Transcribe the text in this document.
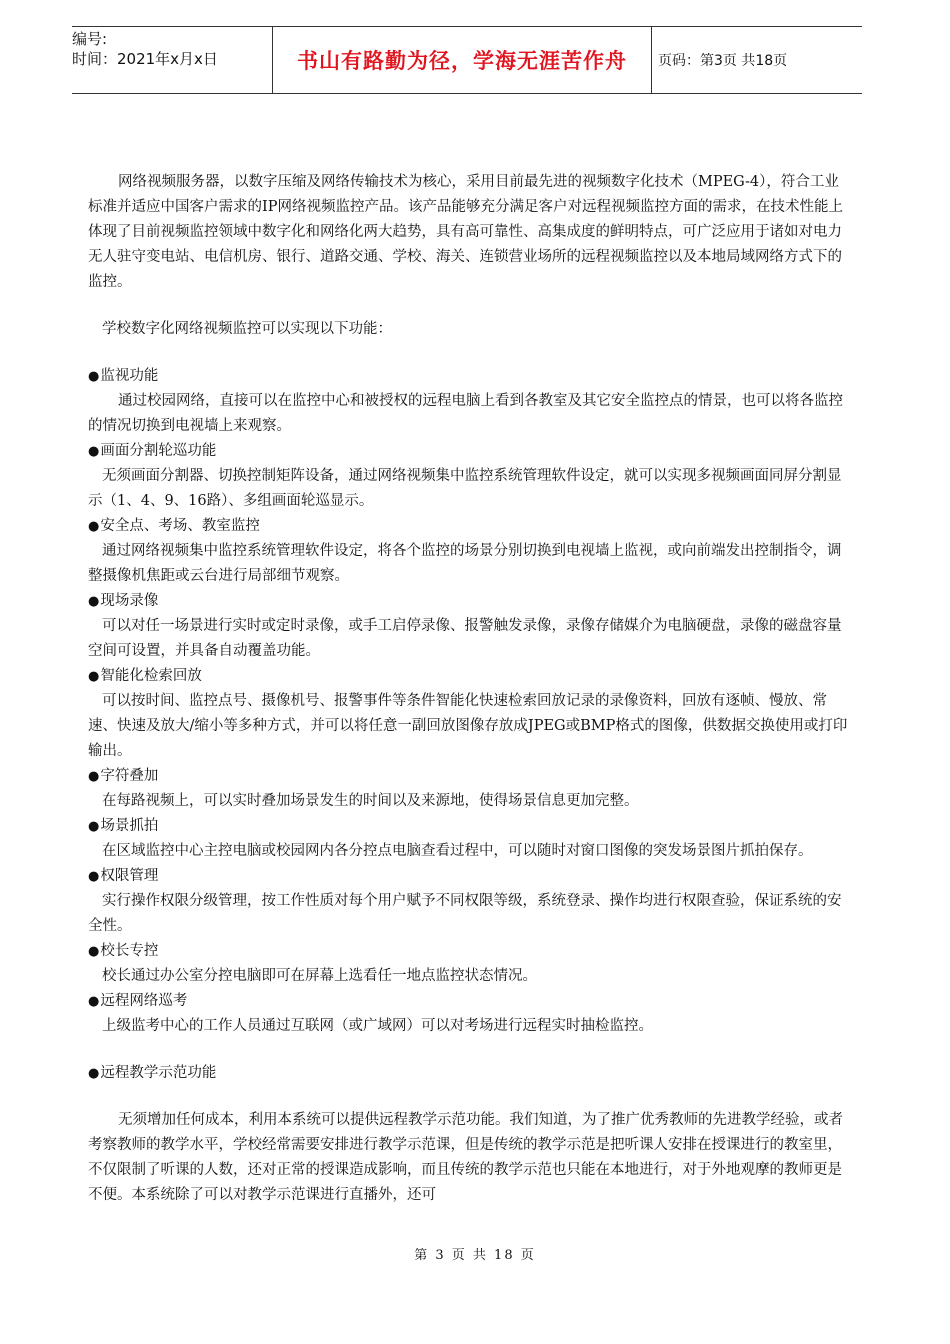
编号:
时间：2021年x月x日	书山有路勤为径，学海无涯苦作舟 页码：第3页 共18页

网络视频服务器，以数字压缩及网络传输技术为核心，采用目前最先进的视频数字化技术（MPEG-4），符合工业标准并适应中国客户需求的IP网络视频监控产品。该产品能够充分满足客户对远程视频监控方面的需求，在技术性能上体现了目前视频监控领域中数字化和网络化两大趋势，具有高可靠性、高集成度的鲜明特点，可广泛应用于诸如对电力无人驻守变电站、电信机房、银行、道路交通、学校、海关、连锁营业场所的远程视频监控以及本地局域网络方式下的监控。

学校数字化网络视频监控可以实现以下功能：

● 监视功能

通过校园网络，直接可以在监控中心和被授权的远程电脑上看到各教室及其它安全监控点的情景，也可以将各监控的情况切换到电视墙上来观察。

● 画面分割轮巡功能

无须画面分割器、切换控制矩阵设备，通过网络视频集中监控系统管理软件设定，就可以实现多视频画面同屏分割显示（1、4、9、16路）、多组画面轮巡显示。

● 安全点、考场、教室监控

通过网络视频集中监控系统管理软件设定，将各个监控的场景分别切换到电视墙上监视，或向前端发出控制指令，调整摄像机焦距或云台进行局部细节观察。

● 现场录像

可以对任一场景进行实时或定时录像，或手工启停录像、报警触发录像，录像存储媒介为电脑硬盘，录像的磁盘容量空间可设置，并具备自动覆盖功能。

● 智能化检索回放

可以按时间、监控点号、摄像机号、报警事件等条件智能化快速检索回放记录的录像资料，回放有逐帧、慢放、常速、快速及放大/缩小等多种方式，并可以将任意一副回放图像存放成JPEG或BMP格式的图像，供数据交换使用或打印输出。

● 字符叠加

在每路视频上，可以实时叠加场景发生的时间以及来源地，使得场景信息更加完整。

● 场景抓拍

在区域监控中心主控电脑或校园网内各分控点电脑查看过程中，可以随时对窗口图像的突发场景图片抓拍保存。

● 权限管理

实行操作权限分级管理，按工作性质对每个用户赋予不同权限等级，系统登录、操作均进行权限查验，保证系统的安全性。

● 校长专控

校长通过办公室分控电脑即可在屏幕上选看任一地点监控状态情况。

● 远程网络巡考

上级监考中心的工作人员通过互联网（或广域网）可以对考场进行远程实时抽检监控。

● 远程教学示范功能

无须增加任何成本，利用本系统可以提供远程教学示范功能。我们知道，为了推广优秀教师的先进教学经验，或者考察教师的教学水平，学校经常需要安排进行教学示范课，但是传统的教学示范是把听课人安排在授课进行的教室里，不仅限制了听课的人数，还对正常的授课造成影响，而且传统的教学示范也只能在本地进行，对于外地观摩的教师更是不便。本系统除了可以对教学示范课进行直播外，还可

第 3 页 共 18 页
